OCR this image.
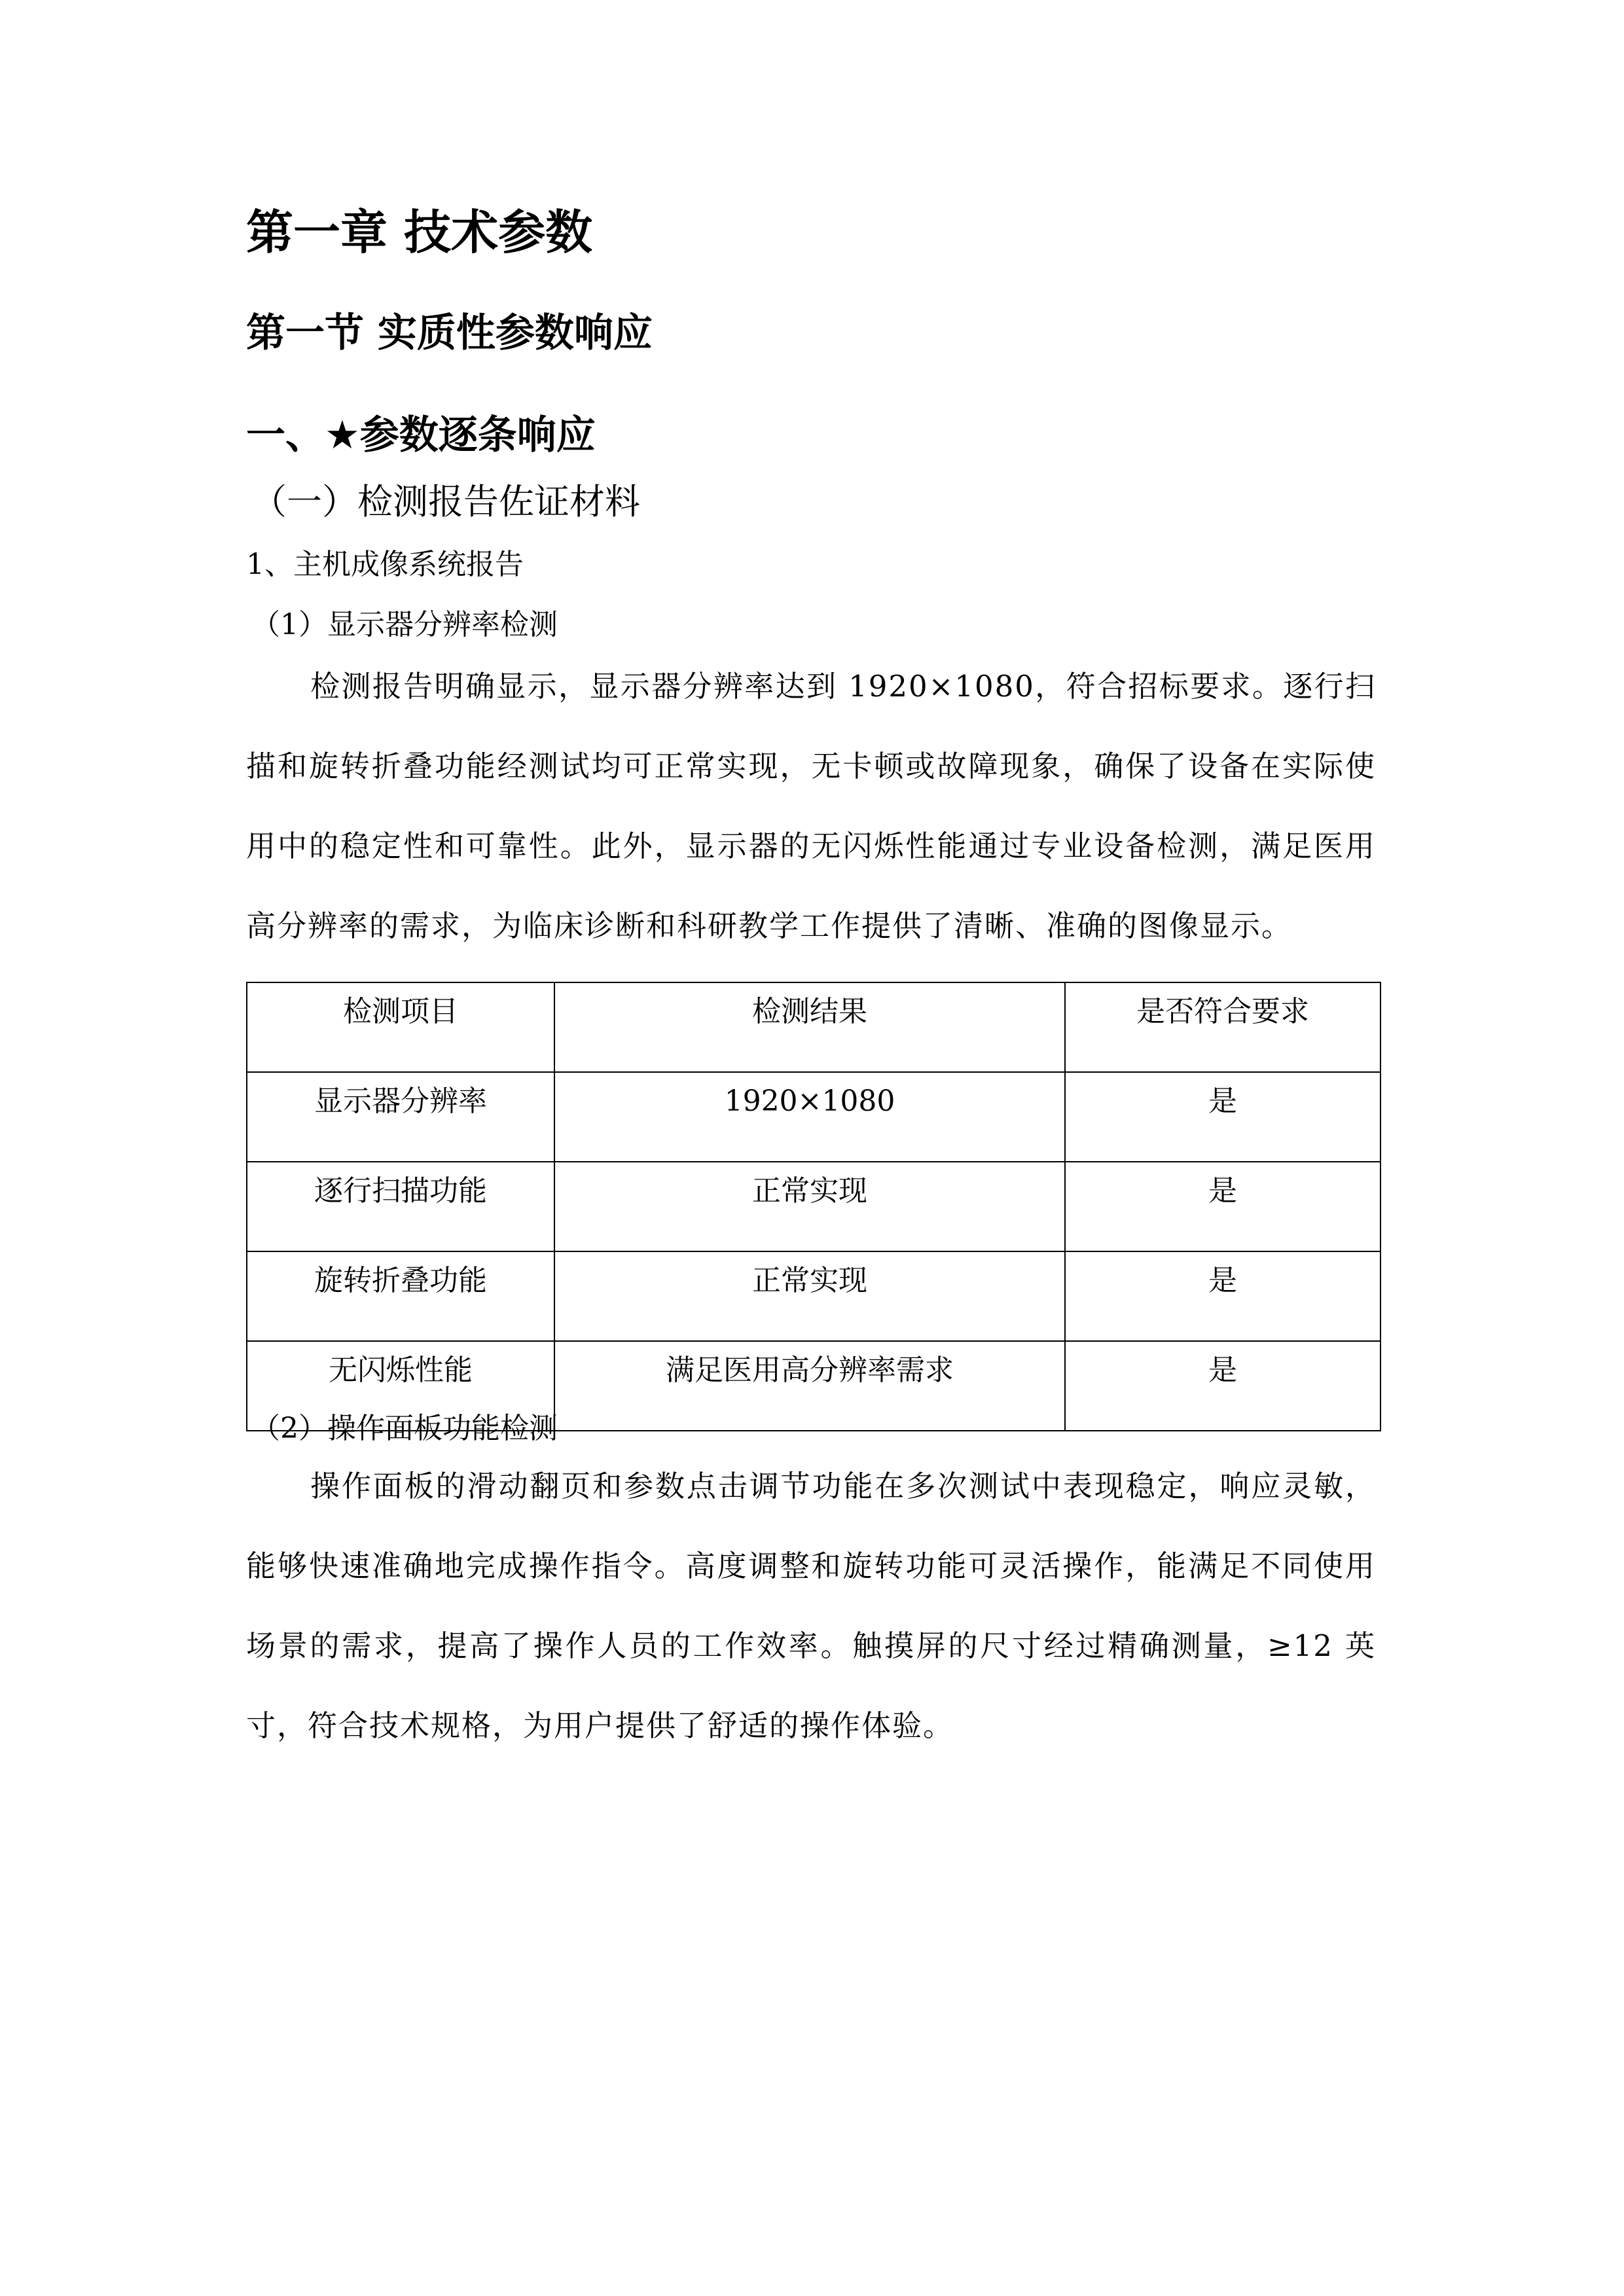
第一章 技术参数
第一节 实质性参数响应
一、★参数逐条响应
（一）检测报告佐证材料
1、主机成像系统报告
（1）显示器分辨率检测

检测报告明确显示，显示器分辨率达到 1920×1080，符合招标要求。逐行扫描和旋转折叠功能经测试均可正常实现，无卡顿或故障现象，确保了设备在实际使用中的稳定性和可靠性。此外，显示器的无闪烁性能通过专业设备检测，满足医用高分辨率的需求，为临床诊断和科研教学工作提供了清晰、准确的图像显示。

检测项目	检测结果	是否符合要求
显示器分辨率	1920×1080	是
逐行扫描功能	正常实现	是
旋转折叠功能	正常实现	是
无闪烁性能	满足医用高分辨率需求	是
（2）操作面板功能检测

操作面板的滑动翻页和参数点击调节功能在多次测试中表现稳定，响应灵敏，能够快速准确地完成操作指令。高度调整和旋转功能可灵活操作，能满足不同使用场景的需求，提高了操作人员的工作效率。触摸屏的尺寸经过精确测量，≥12 英寸，符合技术规格，为用户提供了舒适的操作体验。
